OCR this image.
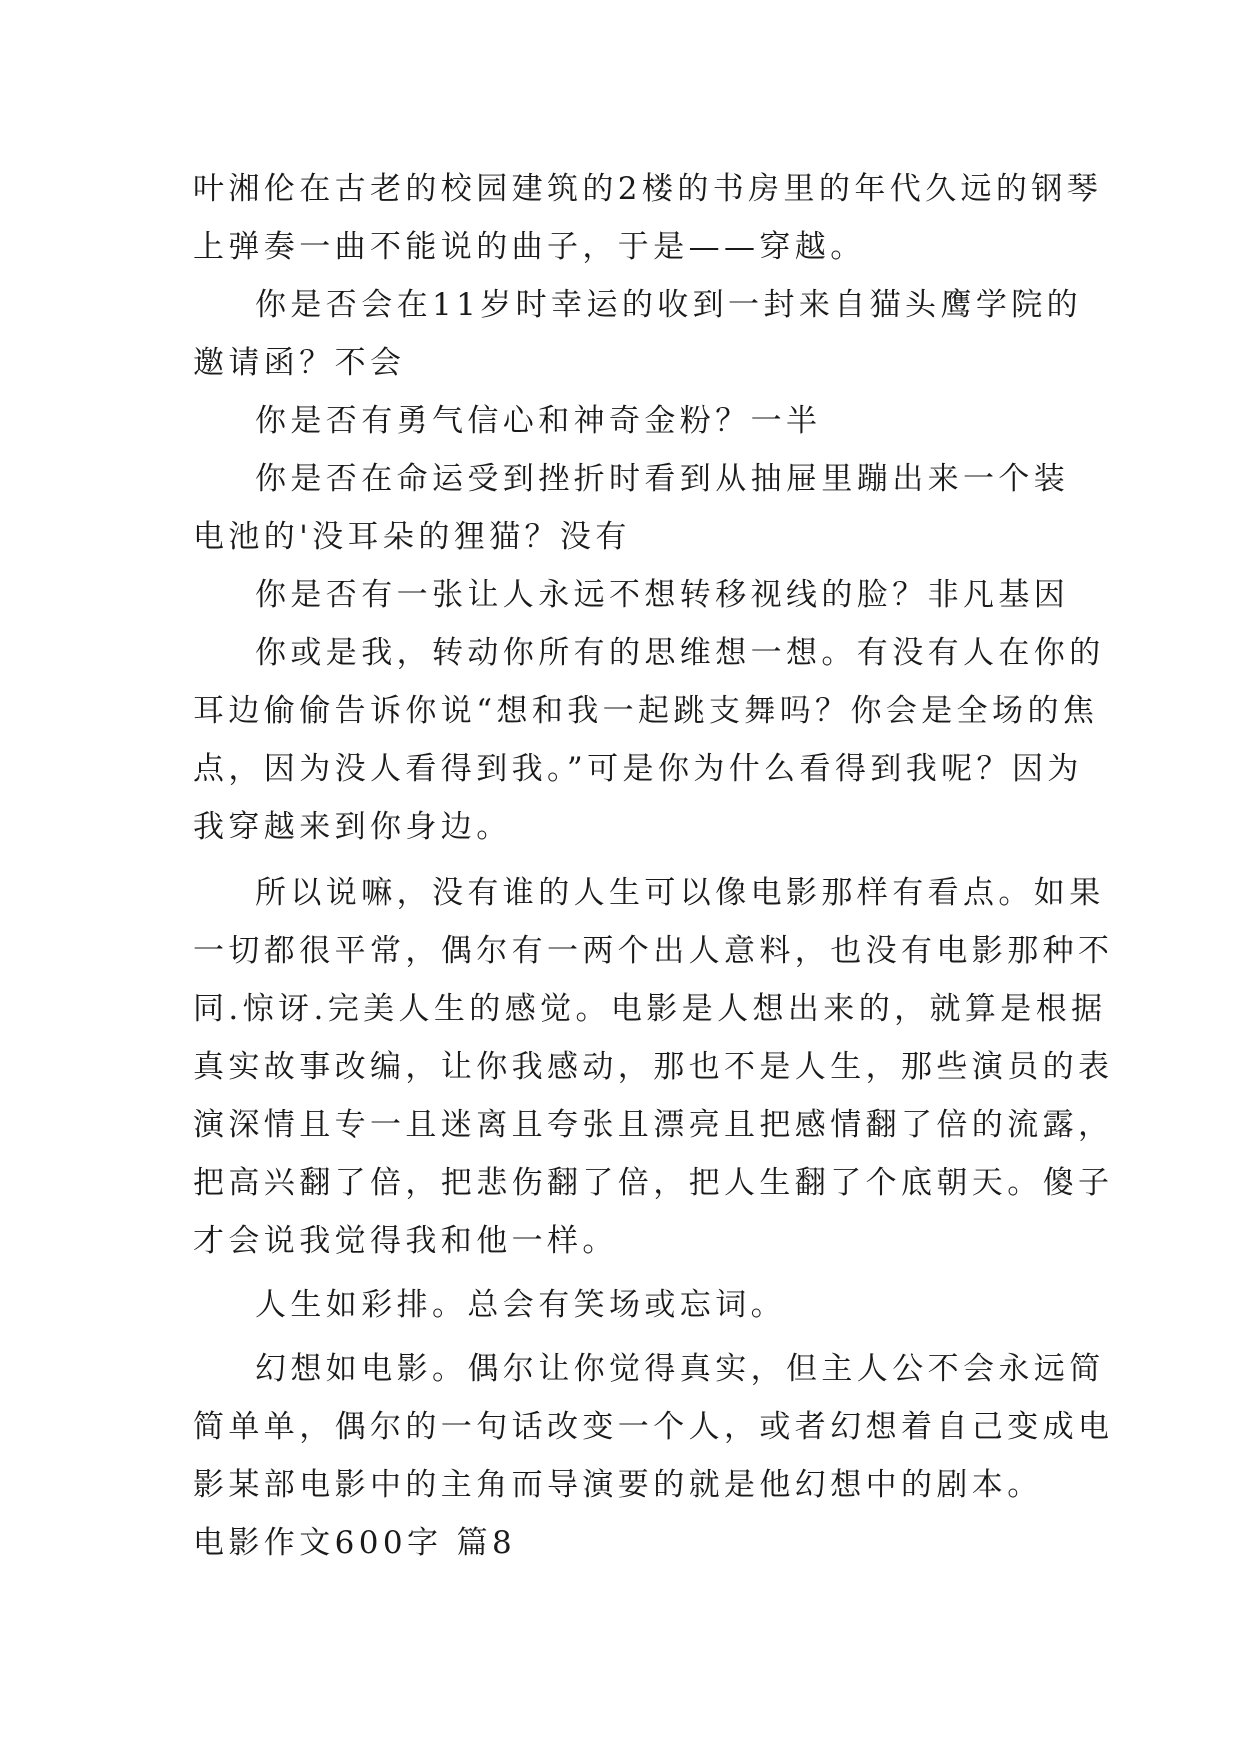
叶湘伦在古老的校园建筑的2楼的书房里的年代久远的钢琴
上弹奏一曲不能说的曲子，于是——穿越。
你是否会在11岁时幸运的收到一封来自猫头鹰学院的
邀请函？不会
你是否有勇气信心和神奇金粉？一半
你是否在命运受到挫折时看到从抽屉里蹦出来一个装
电池的'没耳朵的狸猫？没有
你是否有一张让人永远不想转移视线的脸？非凡基因
你或是我，转动你所有的思维想一想。有没有人在你的
耳边偷偷告诉你说“想和我一起跳支舞吗？你会是全场的焦
点，因为没人看得到我。”可是你为什么看得到我呢？因为
我穿越来到你身边。
所以说嘛，没有谁的人生可以像电影那样有看点。如果
一切都很平常，偶尔有一两个出人意料，也没有电影那种不
同.惊讶.完美人生的感觉。电影是人想出来的，就算是根据
真实故事改编，让你我感动，那也不是人生，那些演员的表
演深情且专一且迷离且夸张且漂亮且把感情翻了倍的流露，
把高兴翻了倍，把悲伤翻了倍，把人生翻了个底朝天。傻子
才会说我觉得我和他一样。
人生如彩排。总会有笑场或忘词。
幻想如电影。偶尔让你觉得真实，但主人公不会永远简
简单单，偶尔的一句话改变一个人，或者幻想着自己变成电
影某部电影中的主角而导演要的就是他幻想中的剧本。
电影作文600字 篇8
